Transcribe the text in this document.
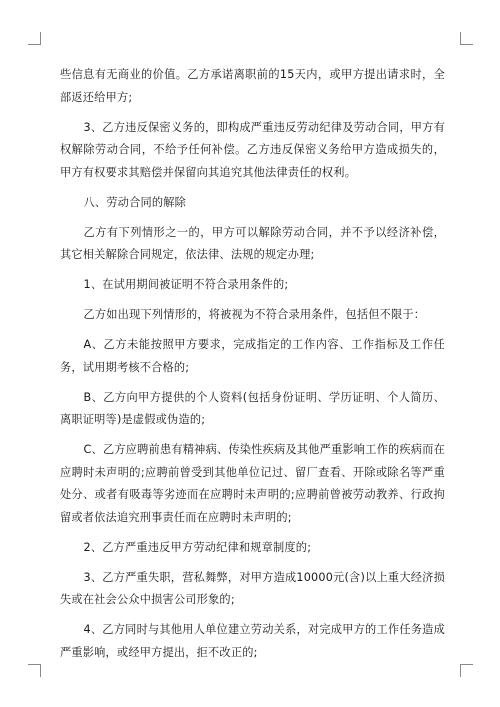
些信息有无商业的价值。乙方承诺离职前的15天内，或甲方提出请求时，全部返还给甲方;

3、乙方违反保密义务的，即构成严重违反劳动纪律及劳动合同，甲方有权解除劳动合同，不给予任何补偿。乙方违反保密义务给甲方造成损失的，甲方有权要求其赔偿并保留向其追究其他法律责任的权利。

八、劳动合同的解除

乙方有下列情形之一的，甲方可以解除劳动合同，并不予以经济补偿，其它相关解除合同规定，依法律、法规的规定办理;

1、在试用期间被证明不符合录用条件的;

乙方如出现下列情形的，将被视为不符合录用条件，包括但不限于：

A、乙方未能按照甲方要求，完成指定的工作内容、工作指标及工作任务，试用期考核不合格的;

B、乙方向甲方提供的个人资料(包括身份证明、学历证明、个人简历、离职证明等)是虚假或伪造的;

C、乙方应聘前患有精神病、传染性疾病及其他严重影响工作的疾病而在应聘时未声明的;应聘前曾受到其他单位记过、留厂查看、开除或除名等严重处分、或者有吸毒等劣迹而在应聘时未声明的;应聘前曾被劳动教养、行政拘留或者依法追究刑事责任而在应聘时未声明的;

2、乙方严重违反甲方劳动纪律和规章制度的;

3、乙方严重失职，营私舞弊，对甲方造成10000元(含)以上重大经济损失或在社会公众中损害公司形象的;

4、乙方同时与其他用人单位建立劳动关系，对完成甲方的工作任务造成严重影响，或经甲方提出，拒不改正的;
